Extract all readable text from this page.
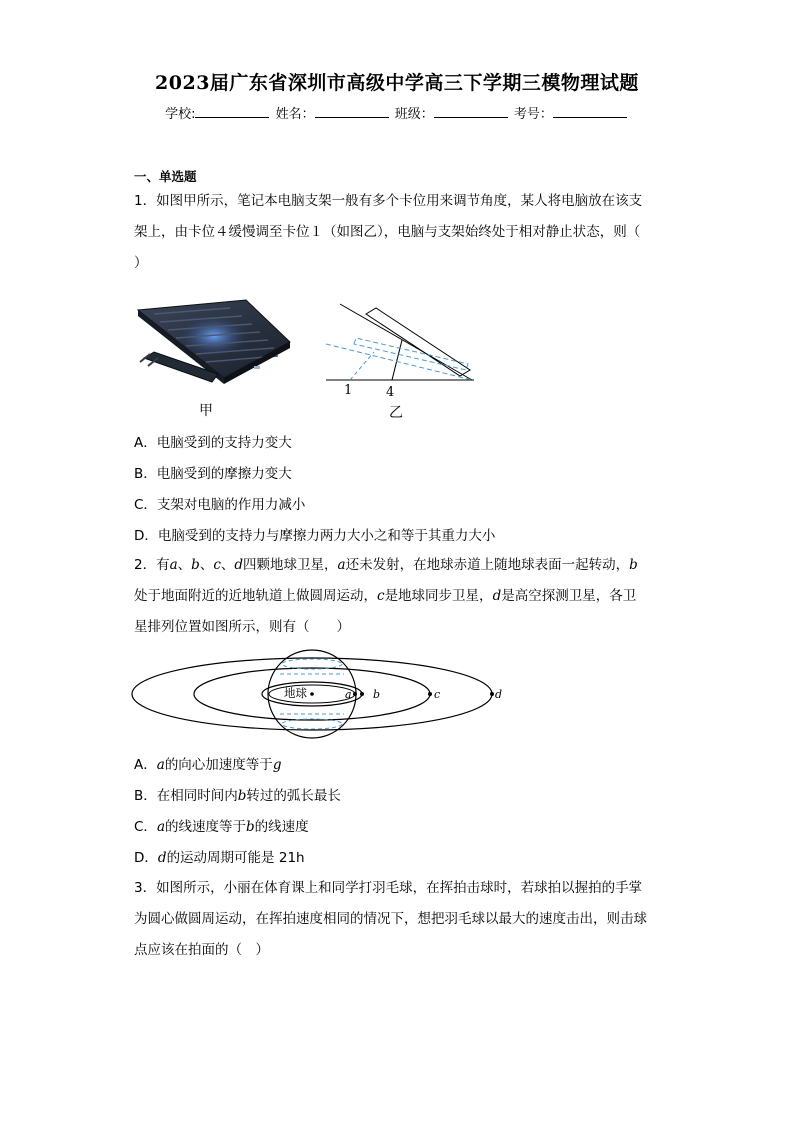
2023届广东省深圳市高级中学高三下学期三模物理试题
学校:	姓名：	班级：	考号：
一、单选题
1．如图甲所示，笔记本电脑支架一般有多个卡位用来调节角度，某人将电脑放在该支
架上，由卡位４缓慢调至卡位１（如图乙），电脑与支架始终处于相对静止状态，则（
）
甲
1	4
乙
A．电脑受到的支持力变大
B．电脑受到的摩擦力变大
C．支架对电脑的作用力减小
D．电脑受到的支持力与摩擦力两力大小之和等于其重力大小
2．有a、b、c、d四颗地球卫星，a还未发射，在地球赤道上随地球表面一起转动，b
处于地面附近的近地轨道上做圆周运动，c是地球同步卫星，d是高空探测卫星，各卫
星排列位置如图所示，则有（　　）
地球	a b	c	d
A．a的向心加速度等于g
B．在相同时间内b转过的弧长最长
C．a的线速度等于b的线速度
D．d的运动周期可能是 21h
3．如图所示，小丽在体育课上和同学打羽毛球，在挥拍击球时，若球拍以握拍的手掌
为圆心做圆周运动，在挥拍速度相同的情况下，想把羽毛球以最大的速度击出，则击球
点应该在拍面的（　）
